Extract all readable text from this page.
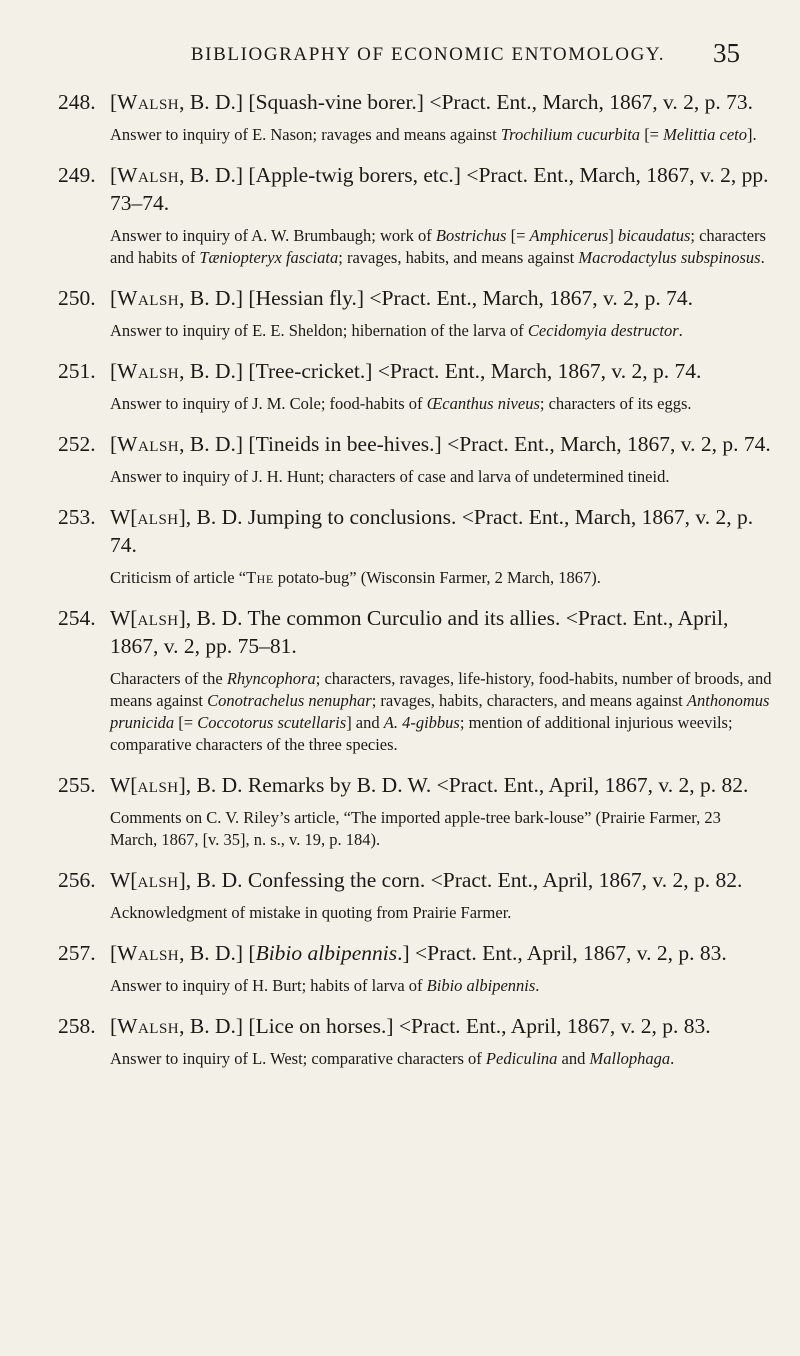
BIBLIOGRAPHY OF ECONOMIC ENTOMOLOGY.	35
248. [Walsh, B. D.] [Squash-vine borer.] <Pract. Ent., March, 1867, v. 2, p. 73.
Answer to inquiry of E. Nason; ravages and means against Trochilium cucurbita [= Melittia ceto].
249. [Walsh, B. D.] [Apple-twig borers, etc.] <Pract. Ent., March, 1867, v. 2, pp. 73–74.
Answer to inquiry of A. W. Brumbaugh; work of Bostrichus [= Amphicerus] bicaudatus; characters and habits of Tæniopteryx fasciata; ravages, habits, and means against Macrodactylus subspinosus.
250. [Walsh, B. D.] [Hessian fly.] <Pract. Ent., March, 1867, v. 2, p. 74.
Answer to inquiry of E. E. Sheldon; hibernation of the larva of Cecidomyia destructor.
251. [Walsh, B. D.] [Tree-cricket.] <Pract. Ent., March, 1867, v. 2, p. 74.
Answer to inquiry of J. M. Cole; food-habits of Œcanthus niveus; characters of its eggs.
252. [Walsh, B. D.] [Tineids in bee-hives.] <Pract. Ent., March, 1867, v. 2, p. 74.
Answer to inquiry of J. H. Hunt; characters of case and larva of undetermined tineid.
253. W[alsh], B. D. Jumping to conclusions. <Pract. Ent., March, 1867, v. 2, p. 74.
Criticism of article “The potato-bug” (Wisconsin Farmer, 2 March, 1867).
254. W[alsh], B. D. The common Curculio and its allies. <Pract. Ent., April, 1867, v. 2, pp. 75–81.
Characters of the Rhyncophora; characters, ravages, life-history, food-habits, number of broods, and means against Conotrachelus nenuphar; ravages, habits, characters, and means against Anthonomus prunicida [= Coccotorus scutellaris] and A. 4-gibbus; mention of additional injurious weevils; comparative characters of the three species.
255. W[alsh], B. D. Remarks by B. D. W. <Pract. Ent., April, 1867, v. 2, p. 82.
Comments on C. V. Riley’s article, “The imported apple-tree bark-louse” (Prairie Farmer, 23 March, 1867, [v. 35], n. s., v. 19, p. 184).
256. W[alsh], B. D. Confessing the corn. <Pract. Ent., April, 1867, v. 2, p. 82.
Acknowledgment of mistake in quoting from Prairie Farmer.
257. [Walsh, B. D.] [Bibio albipennis.] <Pract. Ent., April, 1867, v. 2, p. 83.
Answer to inquiry of H. Burt; habits of larva of Bibio albipennis.
258. [Walsh, B. D.] [Lice on horses.] <Pract. Ent., April, 1867, v. 2, p. 83.
Answer to inquiry of L. West; comparative characters of Pediculina and Mallophaga.
